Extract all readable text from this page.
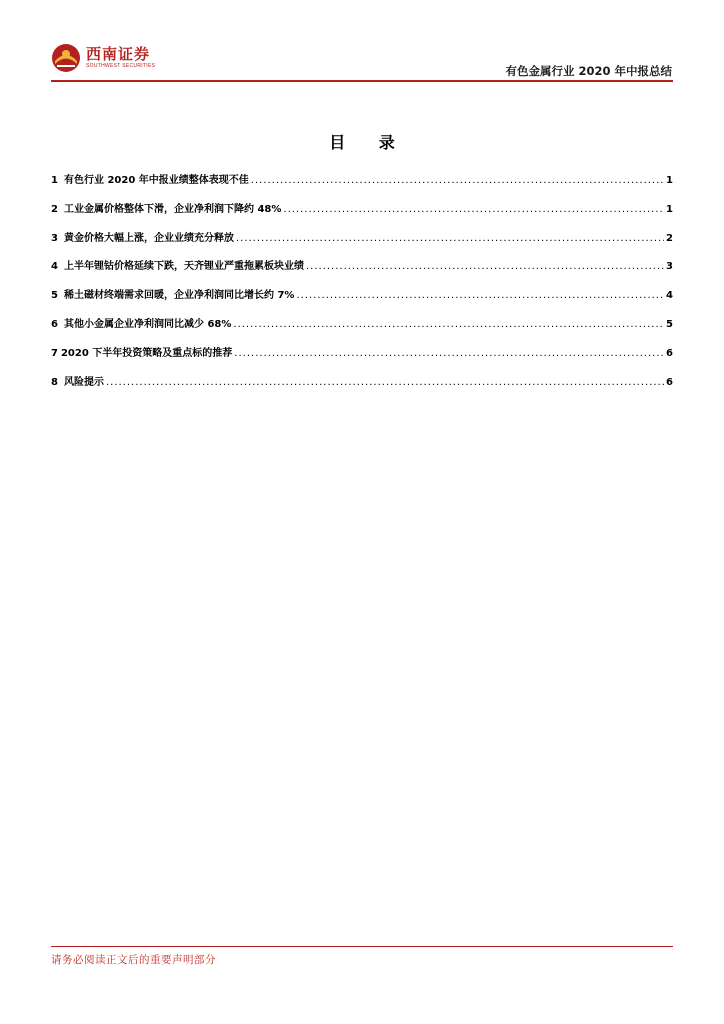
西南证券
SOUTHWEST SECURITIES	有色金属行业 2020 年中报总结
目 录
1 有色行业 2020 年中报业绩整体表现不佳 .....	1
2 工业金属价格整体下滑，企业净利润下降约 48% .....	1
3 黄金价格大幅上涨，企业业绩充分释放 .....	2
4 上半年锂钴价格延续下跌，天齐锂业严重拖累板块业绩 .....	3
5 稀土磁材终端需求回暖，企业净利润同比增长约 7% .....	4
6 其他小金属企业净利润同比减少 68% .....	5
7 2020 下半年投资策略及重点标的推荐 .....	6
8 风险提示 .....	6
请务必阅读正文后的重要声明部分
